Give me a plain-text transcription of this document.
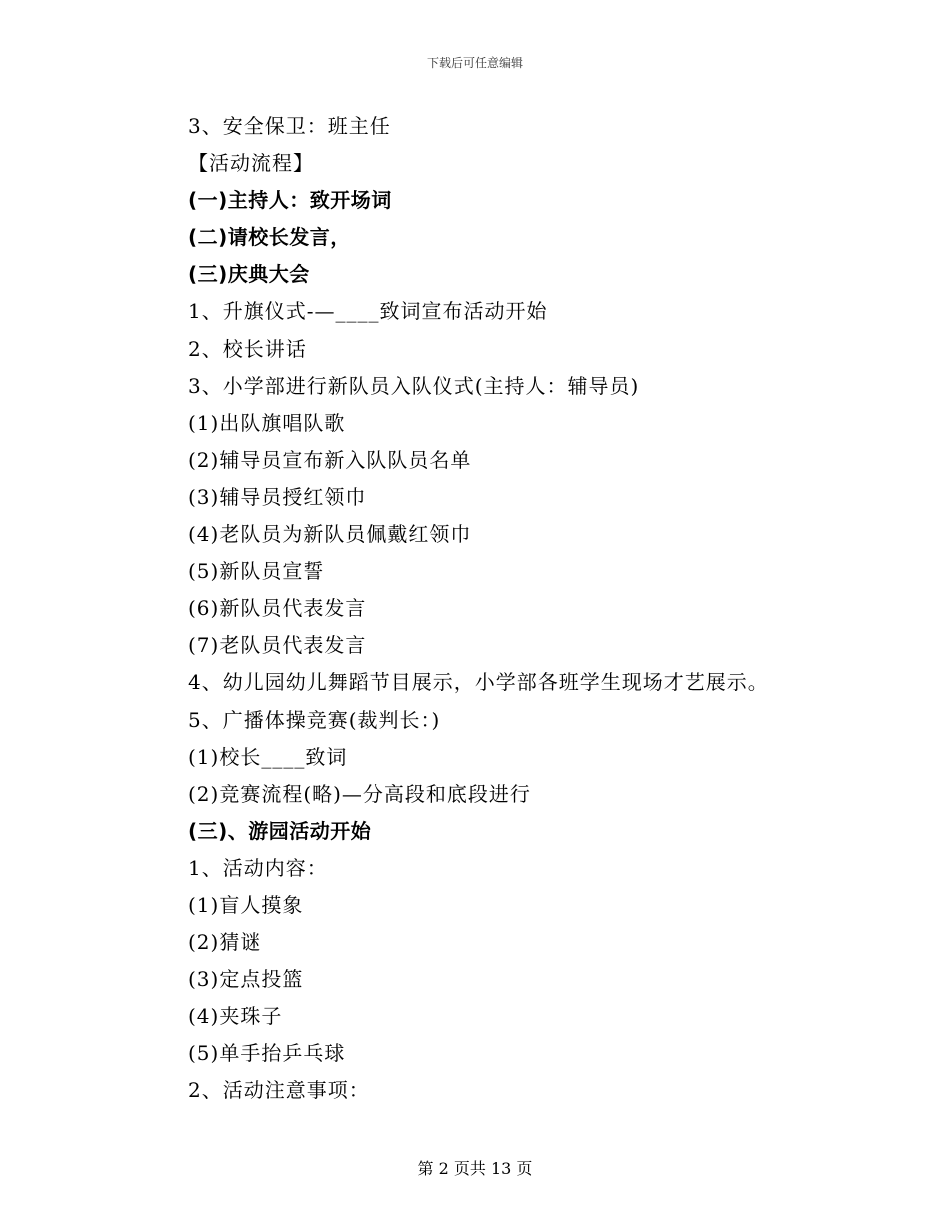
下载后可任意编辑
3、安全保卫：班主任
【活动流程】
(一)主持人：致开场词
(二)请校长发言，
(三)庆典大会
1、升旗仪式-—____致词宣布活动开始
2、校长讲话
3、小学部进行新队员入队仪式(主持人：辅导员)
(1)出队旗唱队歌
(2)辅导员宣布新入队队员名单
(3)辅导员授红领巾
(4)老队员为新队员佩戴红领巾
(5)新队员宣誓
(6)新队员代表发言
(7)老队员代表发言
4、幼儿园幼儿舞蹈节目展示，小学部各班学生现场才艺展示。
5、广播体操竞赛(裁判长：)
(1)校长____致词
(2)竞赛流程(略)—分高段和底段进行
(三)、游园活动开始
1、活动内容：
(1)盲人摸象
(2)猜谜
(3)定点投篮
(4)夹珠子
(5)单手抬乒乓球
2、活动注意事项：
第 2 页共 13 页
